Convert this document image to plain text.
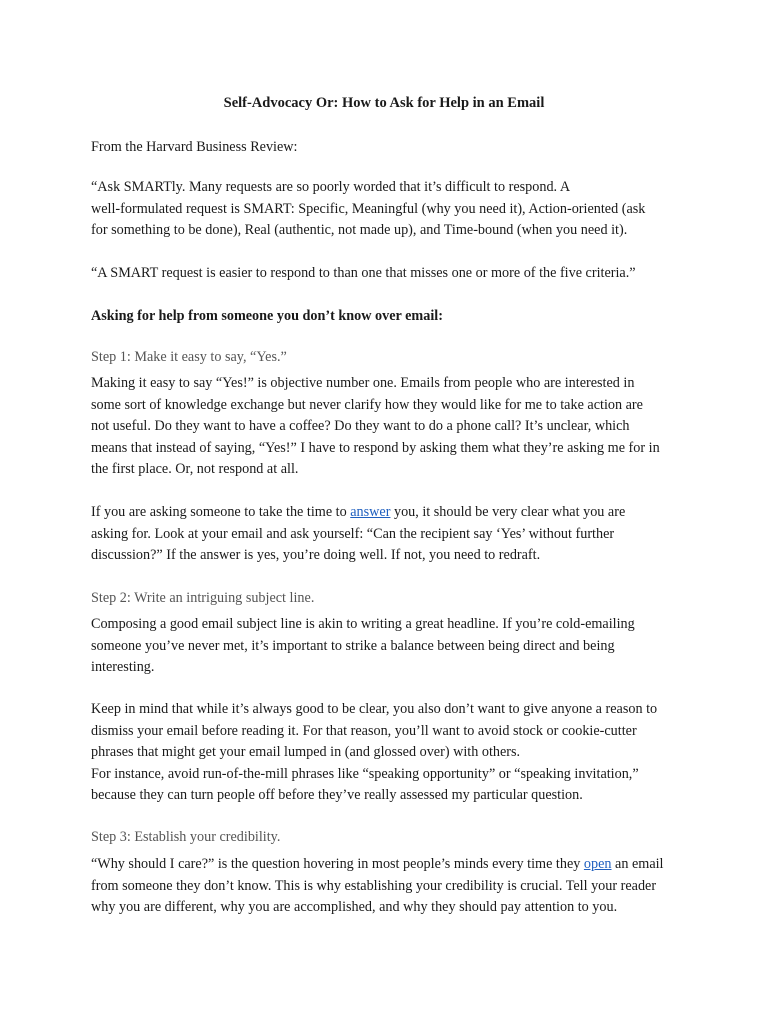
Self-Advocacy Or: How to Ask for Help in an Email
From the Harvard Business Review:
“Ask SMARTly. Many requests are so poorly worded that it’s difficult to respond. A
well-formulated request is SMART: Specific, Meaningful (why you need it), Action-oriented (ask
for something to be done), Real (authentic, not made up), and Time-bound (when you need it).
“A SMART request is easier to respond to than one that misses one or more of the five criteria.”
Asking for help from someone you don’t know over email:
Step 1: Make it easy to say, “Yes.”
Making it easy to say “Yes!” is objective number one. Emails from people who are interested in
some sort of knowledge exchange but never clarify how they would like for me to take action are
not useful. Do they want to have a coffee? Do they want to do a phone call? It’s unclear, which
means that instead of saying, “Yes!” I have to respond by asking them what they’re asking me for in
the first place. Or, not respond at all.
If you are asking someone to take the time to answer you, it should be very clear what you are
asking for. Look at your email and ask yourself: “Can the recipient say ‘Yes’ without further
discussion?” If the answer is yes, you’re doing well. If not, you need to redraft.
Step 2: Write an intriguing subject line.
Composing a good email subject line is akin to writing a great headline. If you’re cold-emailing
someone you’ve never met, it’s important to strike a balance between being direct and being
interesting.
Keep in mind that while it’s always good to be clear, you also don’t want to give anyone a reason to
dismiss your email before reading it. For that reason, you’ll want to avoid stock or cookie-cutter
phrases that might get your email lumped in (and glossed over) with others.
For instance, avoid run-of-the-mill phrases like “speaking opportunity” or “speaking invitation,”
because they can turn people off before they’ve really assessed my particular question.
Step 3: Establish your credibility.
“Why should I care?” is the question hovering in most people’s minds every time they open an email
from someone they don’t know. This is why establishing your credibility is crucial. Tell your reader
why you are different, why you are accomplished, and why they should pay attention to you.
